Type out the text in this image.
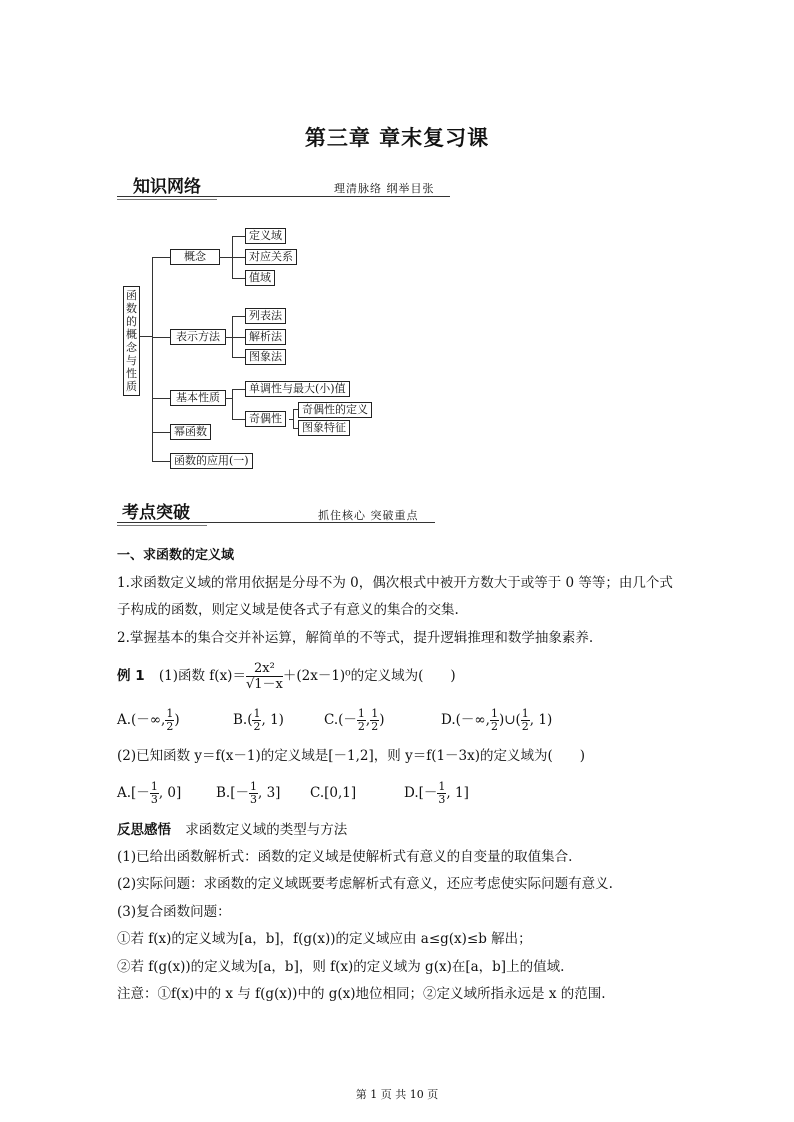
第三章 章末复习课
知识网络	理清脉络 纲举目张
函数的概念与性质
概念
定义域
对应关系
值域
表示方法
列表法
解析法
图象法
基本性质
单调性与最大(小)值
奇偶性
奇偶性的定义
图象特征
幂函数
函数的应用(一)
考点突破	抓住核心 突破重点
一、求函数的定义域
1.求函数定义域的常用依据是分母不为 0，偶次根式中被开方数大于或等于 0 等等；由几个式
子构成的函数，则定义域是使各式子有意义的集合的交集.
2.掌握基本的集合交并补运算，解简单的不等式，提升逻辑推理和数学抽象素养.
例 1 (1)函数 $f(x)= \frac{\text{2x²}}{√1-x} +(2x-1)^0$的定义域为(　　)
A.(－∞, $\frac{1}{2}$ )	$B.( \frac{1}{2}$ , 1)	$C.(- \frac{1}{2}$ , $\frac{1}{2}$ )	D.(－∞, $\frac{1}{2}$ )∪( $\frac{1}{2}$ , 1)
(2)已知函数 y＝f(x－1)的定义域是[－1,2]，则 y＝f(1－3x)的定义域为(　　)
$A.[- \frac{1}{3}$ , 0]	$B.[- \frac{1}{3}$ , 3] C.[0,1]	$D.[- \frac{1}{3}$ , 1]
反思感悟 求函数定义域的类型与方法
(1)已给出函数解析式：函数的定义域是使解析式有意义的自变量的取值集合.
(2)实际问题：求函数的定义域既要考虑解析式有意义，还应考虑使实际问题有意义.
(3)复合函数问题：
①若 f(x)的定义域为[a，b]，f(g(x))的定义域应由 a≤g(x)≤b 解出；
②若 f(g(x))的定义域为[a，b]，则 f(x)的定义域为 g(x)在[a，b]上的值域.
注意：①f(x)中的 x 与 f(g(x))中的 g(x)地位相同；②定义域所指永远是 x 的范围.
第 1 页 共 10 页
